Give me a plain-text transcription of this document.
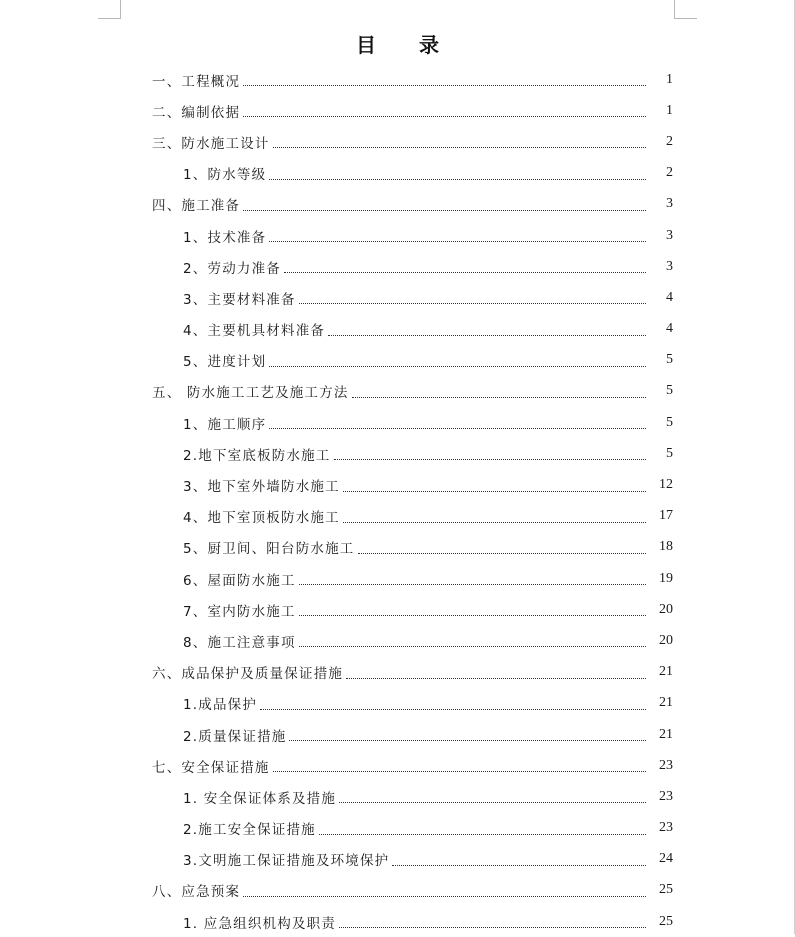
目 录
一、工程概况	1
二、编制依据	1
三、防水施工设计	2
1、防水等级	2
四、施工准备	3
1、技术准备	3
2、劳动力准备	3
3、主要材料准备	4
4、主要机具材料准备	4
5、进度计划	5
五、 防水施工工艺及施工方法	5
1、施工顺序	5
2.地下室底板防水施工	5
3、地下室外墙防水施工	12
4、地下室顶板防水施工	17
5、厨卫间、阳台防水施工	18
6、屋面防水施工	19
7、室内防水施工	20
8、施工注意事项	20
六、成品保护及质量保证措施	21
1.成品保护	21
2.质量保证措施	21
七、安全保证措施	23
1. 安全保证体系及措施	23
2.施工安全保证措施	23
3.文明施工保证措施及环境保护	24
八、应急预案	25
1. 应急组织机构及职责	25
